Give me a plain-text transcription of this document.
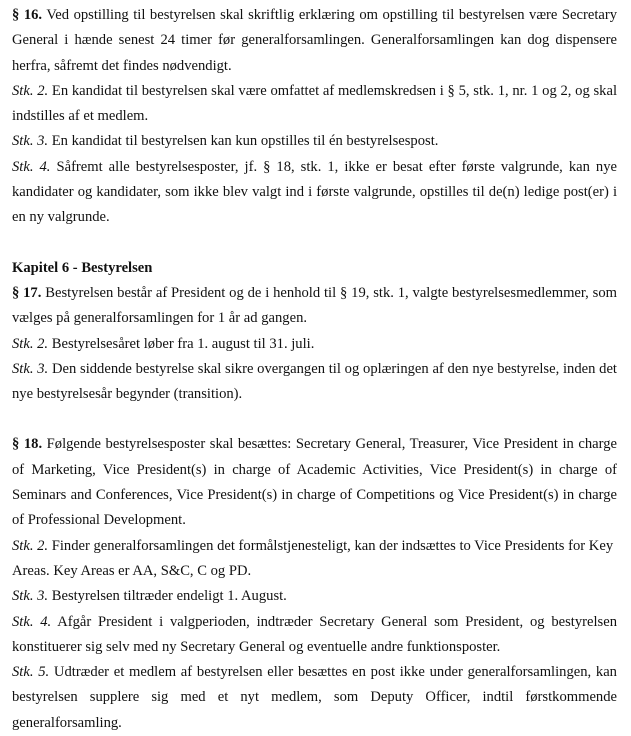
§ 16. Ved opstilling til bestyrelsen skal skriftlig erklæring om opstilling til bestyrelsen være Secretary General i hænde senest 24 timer før generalforsamlingen. Generalforsamlingen kan dog dispensere herfra, såfremt det findes nødvendigt.

Stk. 2. En kandidat til bestyrelsen skal være omfattet af medlemskredsen i § 5, stk. 1, nr. 1 og 2, og skal indstilles af et medlem.

Stk. 3. En kandidat til bestyrelsen kan kun opstilles til én bestyrelsespost.

Stk. 4. Såfremt alle bestyrelsesposter, jf. § 18, stk. 1, ikke er besat efter første valgrunde, kan nye kandidater og kandidater, som ikke blev valgt ind i første valgrunde, opstilles til de(n) ledige post(er) i en ny valgrunde.

Kapitel 6 - Bestyrelsen

§ 17. Bestyrelsen består af President og de i henhold til § 19, stk. 1, valgte bestyrelsesmedlemmer, som vælges på generalforsamlingen for 1 år ad gangen.

Stk. 2. Bestyrelsesåret løber fra 1. august til 31. juli.

Stk. 3. Den siddende bestyrelse skal sikre overgangen til og oplæringen af den nye bestyrelse, inden det nye bestyrelsesår begynder (transition).

§ 18. Følgende bestyrelsesposter skal besættes: Secretary General, Treasurer, Vice President in charge of Marketing, Vice President(s) in charge of Academic Activities, Vice President(s) in charge of Seminars and Conferences, Vice President(s) in charge of Competitions og Vice President(s) in charge of Professional Development.

Stk. 2. Finder generalforsamlingen det formålstjenesteligt, kan der indsættes to Vice Presidents for Key Areas. Key Areas er AA, S&C, C og PD.

Stk. 3. Bestyrelsen tiltræder endeligt 1. August.

Stk. 4. Afgår President i valgperioden, indtræder Secretary General som President, og bestyrelsen konstituerer sig selv med ny Secretary General og eventuelle andre funktionsposter.

Stk. 5. Udtræder et medlem af bestyrelsen eller besættes en post ikke under generalforsamlingen, kan bestyrelsen supplere sig med et nyt medlem, som Deputy Officer, indtil førstkommende generalforsamling.
